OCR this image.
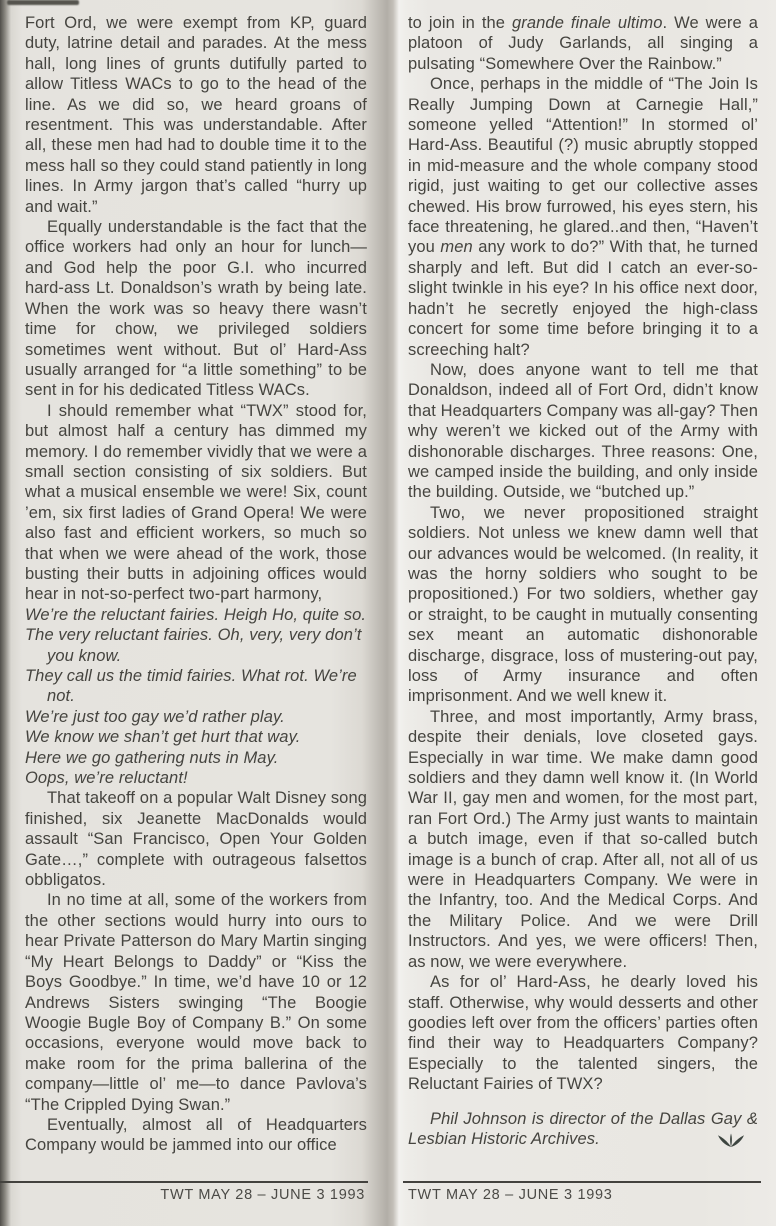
Fort Ord, we were exempt from KP, guard duty, latrine detail and parades. At the mess hall, long lines of grunts dutifully parted to allow Titless WACs to go to the head of the line. As we did so, we heard groans of resentment. This was understandable. After all, these men had had to double time it to the mess hall so they could stand patiently in long lines. In Army jargon that’s called “hurry up and wait.”

Equally understandable is the fact that the office workers had only an hour for lunch—and God help the poor G.I. who incurred hard-ass Lt. Donaldson’s wrath by being late. When the work was so heavy there wasn’t time for chow, we privileged soldiers sometimes went without. But ol’ Hard-Ass usually arranged for “a little something” to be sent in for his dedicated Titless WACs.

I should remember what “TWX” stood for, but almost half a century has dimmed my memory. I do remember vividly that we were a small section consisting of six soldiers. But what a musical ensemble we were! Six, count ’em, six first ladies of Grand Opera! We were also fast and efficient workers, so much so that when we were ahead of the work, those busting their butts in adjoining offices would hear in not-so-perfect two-part harmony,

We’re the reluctant fairies. Heigh Ho, quite so.

The very reluctant fairies. Oh, very, very don’t you know.

They call us the timid fairies. What rot. We’re not.

We’re just too gay we’d rather play.

We know we shan’t get hurt that way.

Here we go gathering nuts in May.

Oops, we’re reluctant!

That takeoff on a popular Walt Disney song finished, six Jeanette MacDonalds would assault “San Francisco, Open Your Golden Gate…,” complete with outrageous falsettos obbligatos.

In no time at all, some of the workers from the other sections would hurry into ours to hear Private Patterson do Mary Martin singing “My Heart Belongs to Daddy” or “Kiss the Boys Goodbye.” In time, we’d have 10 or 12 Andrews Sisters swinging “The Boogie Woogie Bugle Boy of Company B.” On some occasions, everyone would move back to make room for the prima ballerina of the company—little ol’ me—to dance Pavlova’s “The Crippled Dying Swan.”

Eventually, almost all of Headquarters Company would be jammed into our office

to join in the grande finale ultimo. We were a platoon of Judy Garlands, all singing a pulsating “Somewhere Over the Rainbow.”

Once, perhaps in the middle of “The Join Is Really Jumping Down at Carnegie Hall,” someone yelled “Attention!” In stormed ol’ Hard-Ass. Beautiful (?) music abruptly stopped in mid-measure and the whole company stood rigid, just waiting to get our collective asses chewed. His brow furrowed, his eyes stern, his face threatening, he glared..and then, “Haven’t you men any work to do?” With that, he turned sharply and left. But did I catch an ever-so-slight twinkle in his eye? In his office next door, hadn’t he secretly enjoyed the high-class concert for some time before bringing it to a screeching halt?

Now, does anyone want to tell me that Donaldson, indeed all of Fort Ord, didn’t know that Headquarters Company was all-gay? Then why weren’t we kicked out of the Army with dishonorable discharges. Three reasons: One, we camped inside the building, and only inside the building. Outside, we “butched up.”

Two, we never propositioned straight soldiers. Not unless we knew damn well that our advances would be welcomed. (In reality, it was the horny soldiers who sought to be propositioned.) For two soldiers, whether gay or straight, to be caught in mutually consenting sex meant an automatic dishonorable discharge, disgrace, loss of mustering-out pay, loss of Army insurance and often imprisonment. And we well knew it.

Three, and most importantly, Army brass, despite their denials, love closeted gays. Especially in war time. We make damn good soldiers and they damn well know it. (In World War II, gay men and women, for the most part, ran Fort Ord.) The Army just wants to maintain a butch image, even if that so-called butch image is a bunch of crap. After all, not all of us were in Headquarters Company. We were in the Infantry, too. And the Medical Corps. And the Military Police. And we were Drill Instructors. And yes, we were officers! Then, as now, we were everywhere.

As for ol’ Hard-Ass, he dearly loved his staff. Otherwise, why would desserts and other goodies left over from the officers’ parties often find their way to Headquarters Company? Especially to the talented singers, the Reluctant Fairies of TWX?

Phil Johnson is director of the Dallas Gay & Lesbian Historic Archives.

TWT MAY 28 – JUNE 3 1993	TWT MAY 28 – JUNE 3 1993
